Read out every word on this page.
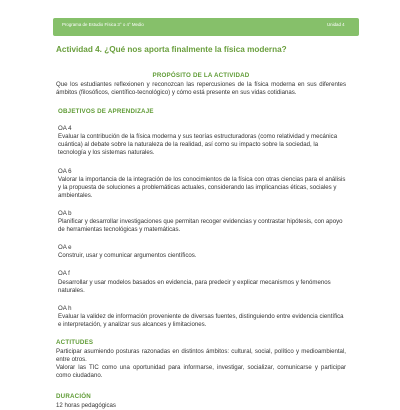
Programa de Estudio Física 3° o 4° Medio	Unidad 4
Actividad 4. ¿Qué nos aporta finalmente la física moderna?
PROPÓSITO DE LA ACTIVIDAD

Que los estudiantes reflexionen y reconozcan las repercusiones de la física moderna en sus diferentes ámbitos (filosóficos, científico-tecnológico) y cómo está presente en sus vidas cotidianas.

OBJETIVOS DE APRENDIZAJE
OA 4
Evaluar la contribución de la física moderna y sus teorías estructuradoras (como relatividad y mecánica cuántica) al debate sobre la naturaleza de la realidad, así como su impacto sobre la sociedad, la tecnología y los sistemas naturales.
OA 6
Valorar la importancia de la integración de los conocimientos de la física con otras ciencias para el análisis y la propuesta de soluciones a problemáticas actuales, considerando las implicancias éticas, sociales y ambientales.
OA b
Planificar y desarrollar investigaciones que permitan recoger evidencias y contrastar hipótesis, con apoyo de herramientas tecnológicas y matemáticas.
OA e
Construir, usar y comunicar argumentos científicos.
OA f
Desarrollar y usar modelos basados en evidencia, para predecir y explicar mecanismos y fenómenos naturales.
OA h
Evaluar la validez de información proveniente de diversas fuentes, distinguiendo entre evidencia científica e interpretación, y analizar sus alcances y limitaciones.
ACTITUDES

Participar asumiendo posturas razonadas en distintos ámbitos: cultural, social, político y medioambiental, entre otros.

Valorar las TIC como una oportunidad para informarse, investigar, socializar, comunicarse y participar como ciudadano.

DURACIÓN

12 horas pedagógicas
